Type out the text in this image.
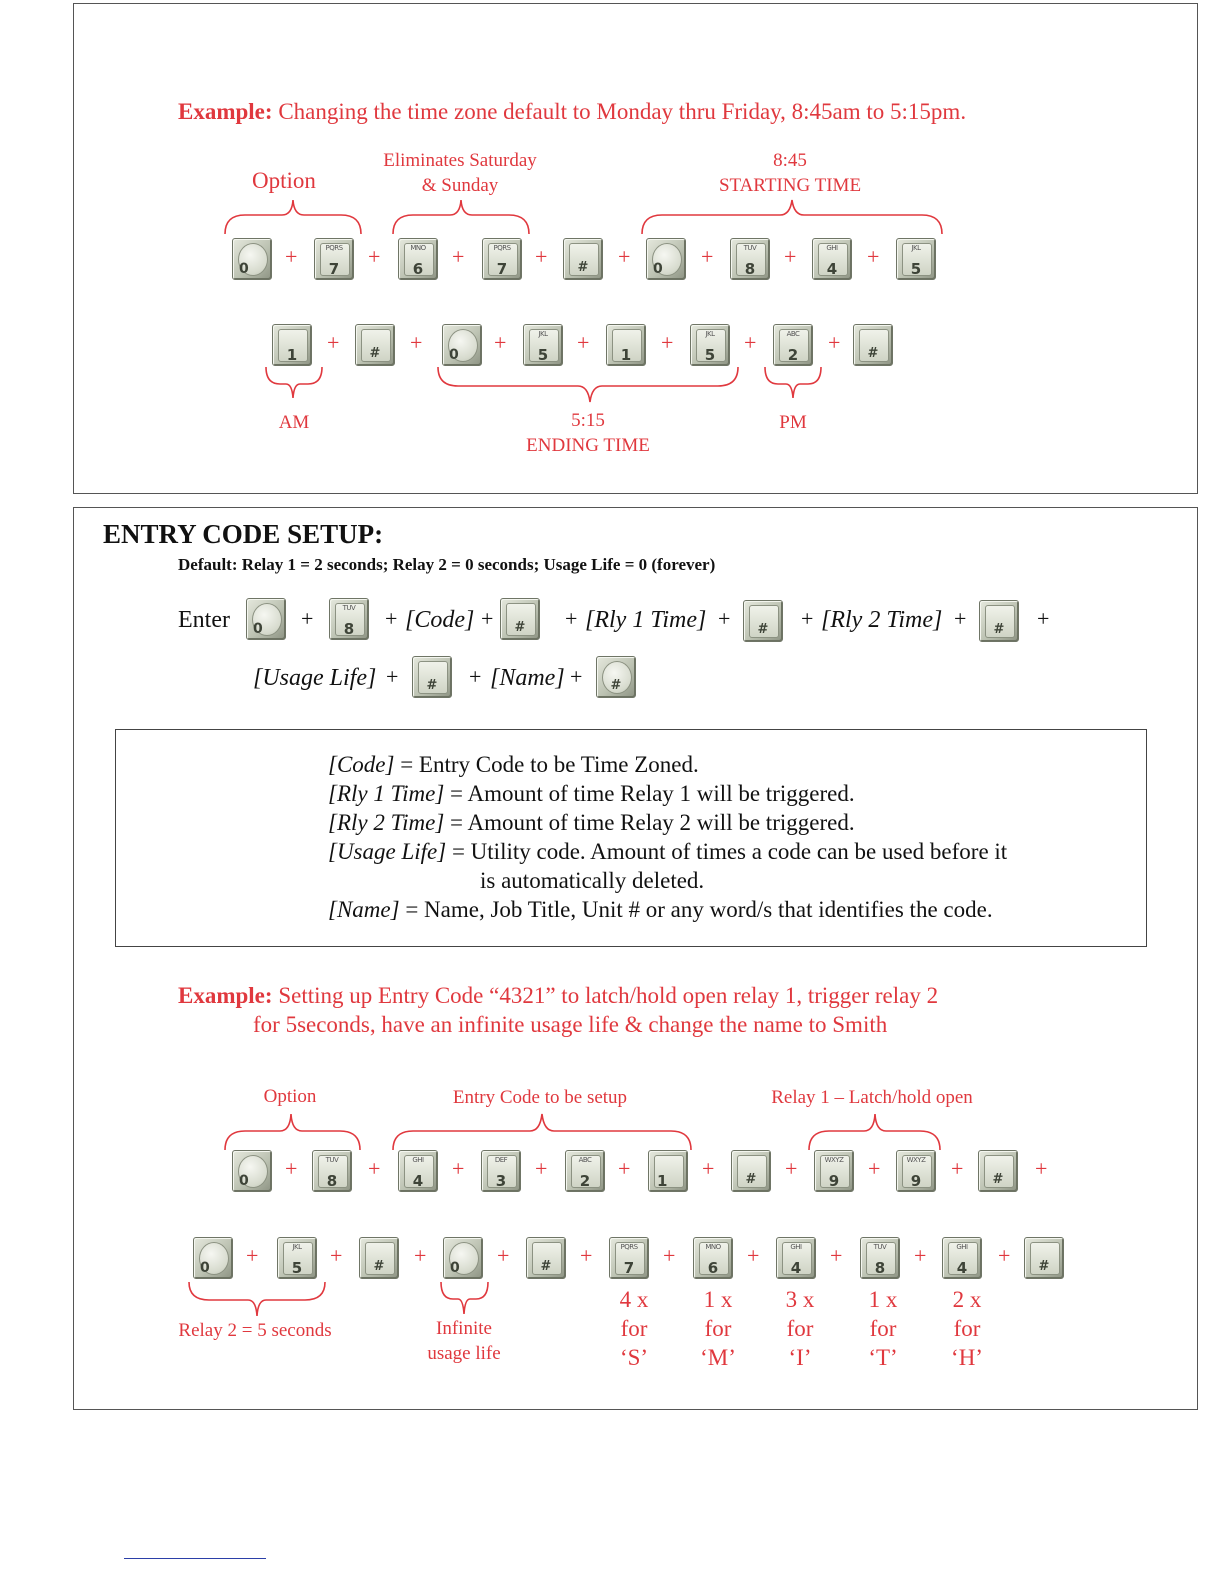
Example: Changing the time zone default to Monday thru Friday, 8:45am to 5:15pm.
Option
Eliminates Saturday
& Sunday
8:45
STARTING TIME
0 +	PQRS
7	+	MNO
6	+	PQRS
7	+	#	+ 0 +	TUV
8	+	GHI
4	+	JKL
5
1	+	#	+ 0 +	JKL
5	+	1	+	JKL
5	+	ABC
2	+	#
AM	5:15
ENDING TIME
PM
ENTRY CODE SETUP:
Default: Relay 1 = 2 seconds; Relay 2 = 0 seconds; Usage Life = 0 (forever)
Enter 0 +	TUV
8	+ [Code] +	#	+ [Rly 1 Time] +	#	+ [Rly 2 Time] +	#	+
[Usage Life] +	#	+ [Name] +	#
[Code] = Entry Code to be Time Zoned.
[Rly 1 Time] = Amount of time Relay 1 will be triggered.
[Rly 2 Time] = Amount of time Relay 2 will be triggered.
[Usage Life] = Utility code. Amount of times a code can be used before it
is automatically deleted.
[Name] = Name, Job Title, Unit # or any word/s that identifies the code.
Example: Setting up Entry Code “4321” to latch/hold open relay 1, trigger relay 2
for 5seconds, have an infinite usage life & change the name to Smith
Option	Entry Code to be setup	Relay 1 – Latch/hold open
0 +	TUV
8	+	GHI
4	+	DEF
3	+	ABC
2	+ 1 +	#	+	WXYZ
9	+	WXYZ
9	+	#	+
0 +	JKL
5	+	#	+ 0 +	#	+	PQRS
7	+	MNO
6	+	GHI
4	+	TUV
8	+	GHI
4	+	#
Relay 2 = 5 seconds	Infinite
usage life
4 x
for
‘S’
1 x
for
‘M’
3 x
for
‘I’
1 x
for
‘T’
2 x
for
‘H’
